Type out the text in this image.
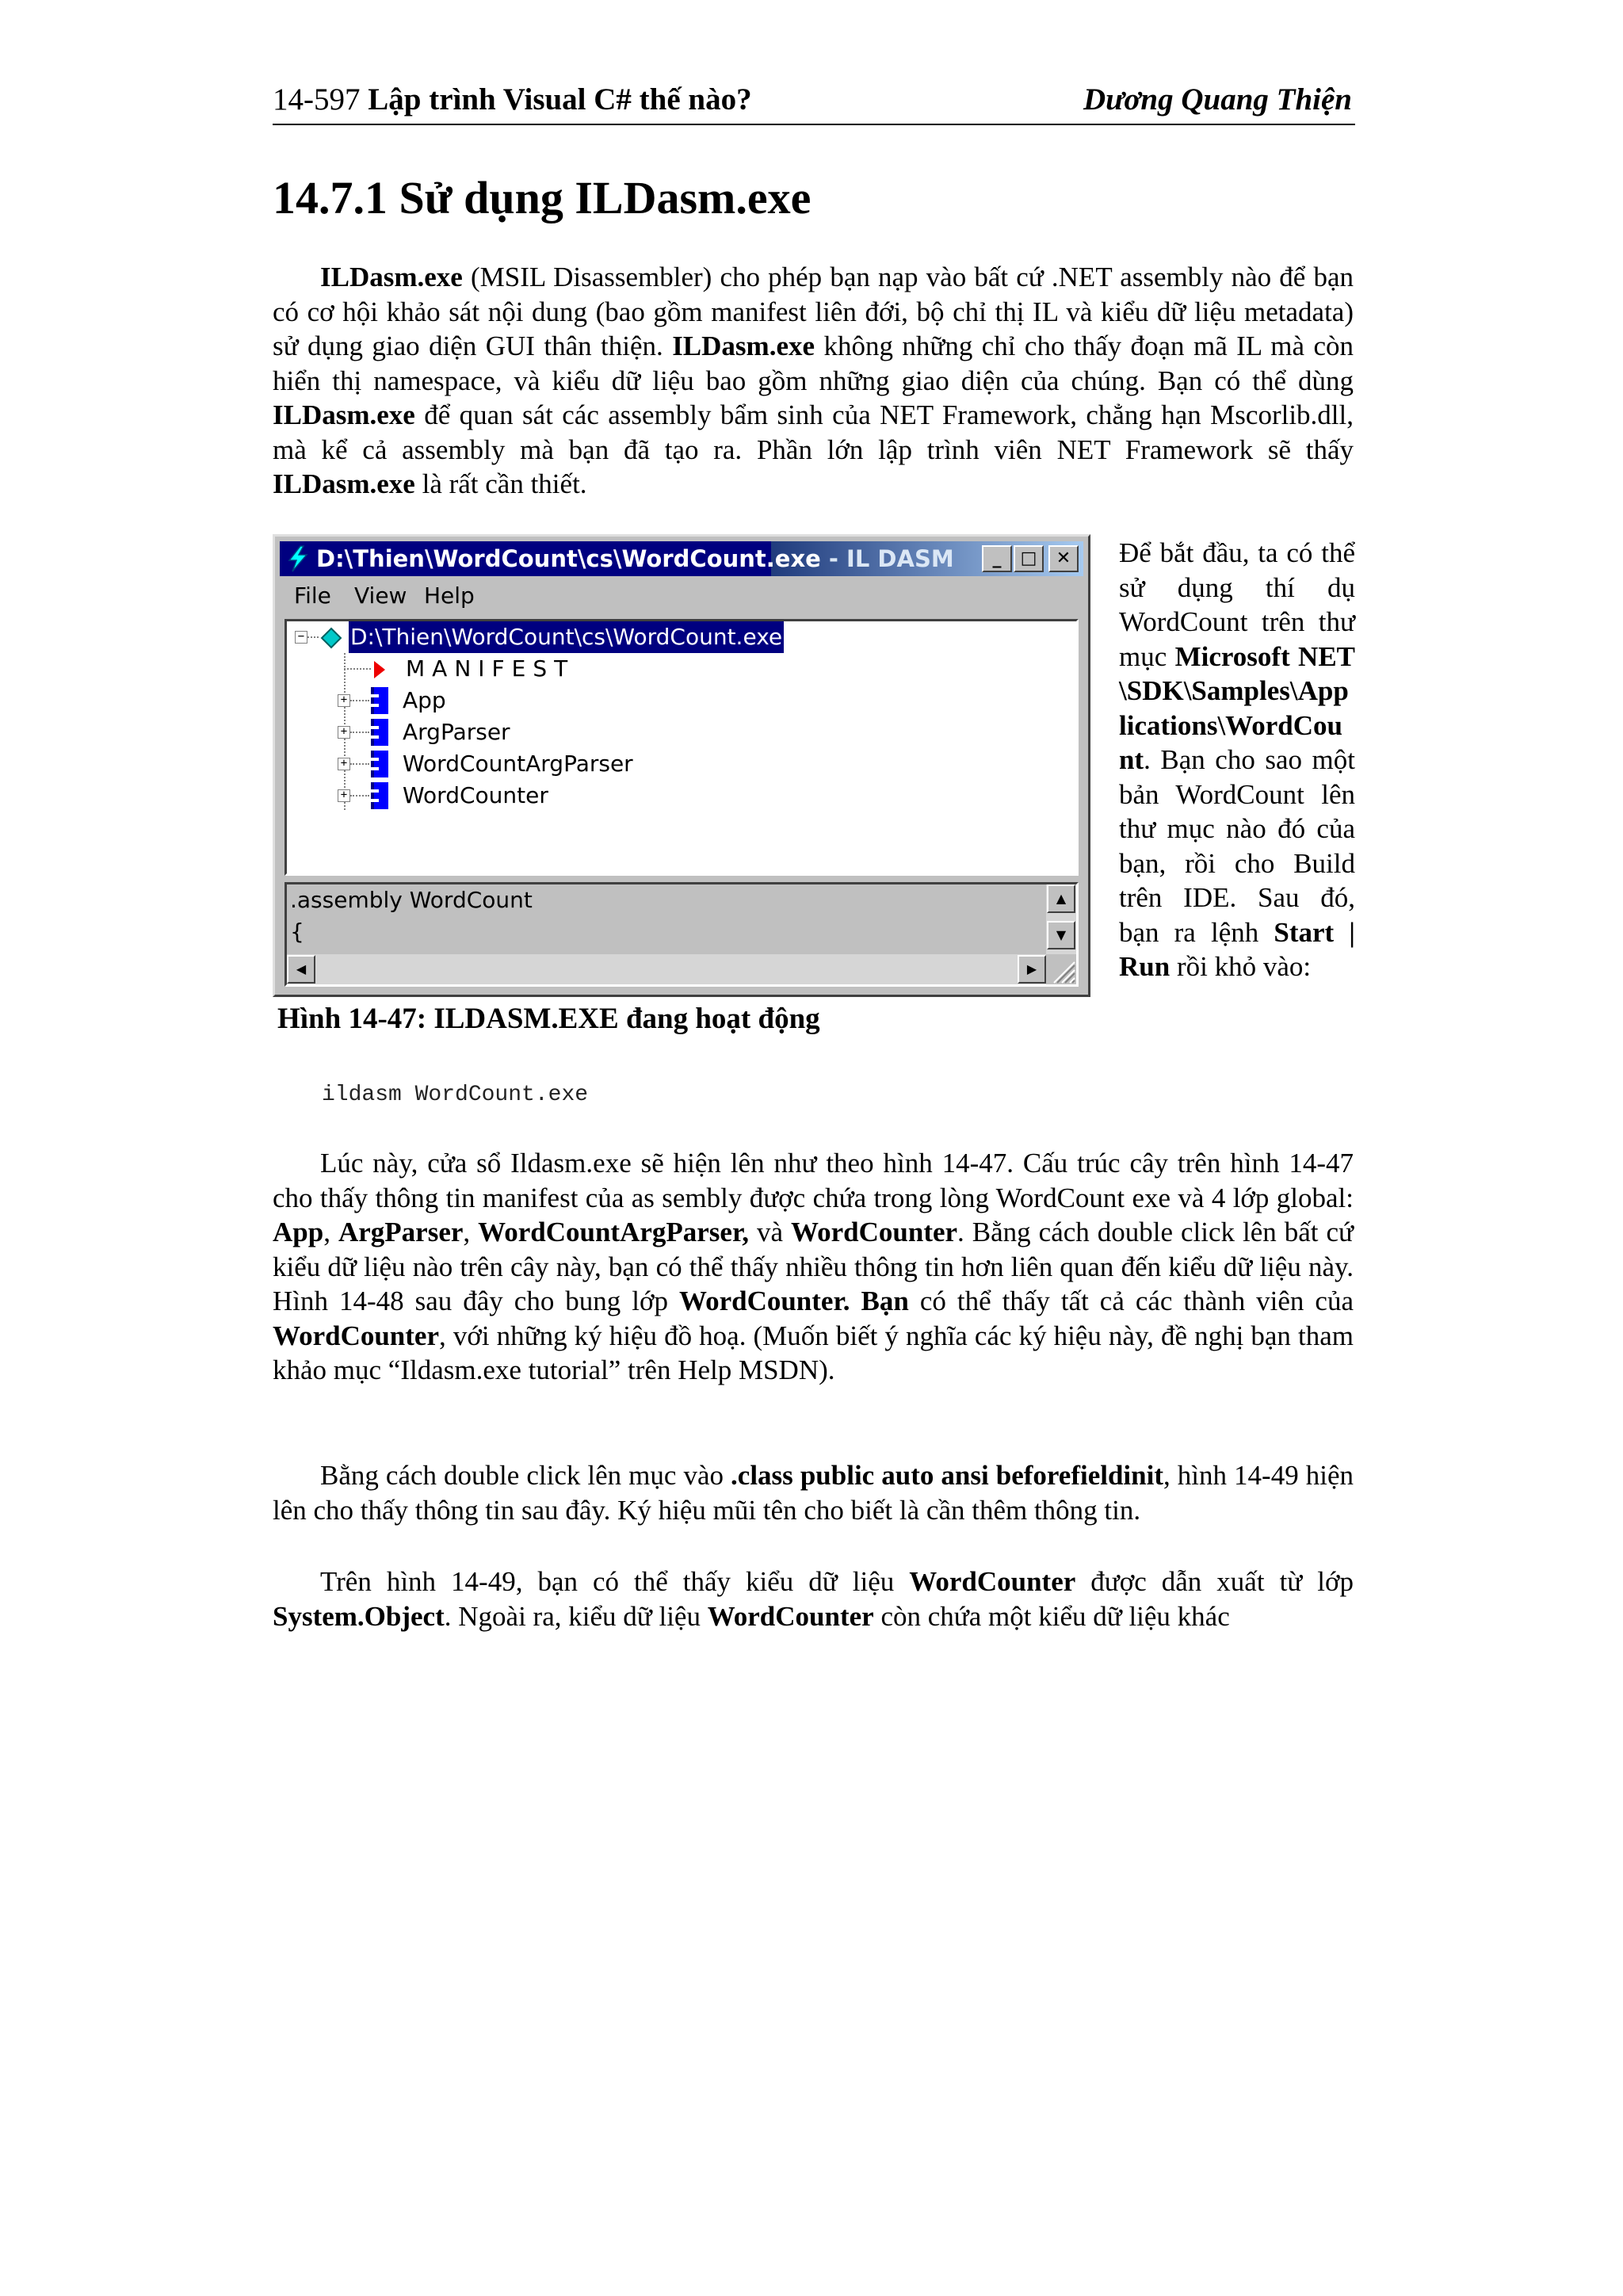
14-597 Lập trình Visual C# thế nào?	Dương Quang Thiện
14.7.1 Sử dụng ILDasm.exe

ILDasm.exe (MSIL Disassembler) cho phép bạn nạp vào bất cứ .NET assembly nào để bạn có cơ hội khảo sát nội dung (bao gồm manifest liên đới, bộ chỉ thị IL và kiểu dữ liệu metadata) sử dụng giao diện GUI thân thiện. ILDasm.exe không những chỉ cho thấy đoạn mã IL mà còn hiển thị namespace, và kiểu dữ liệu bao gồm những giao diện của chúng. Bạn có thể dùng ILDasm.exe để quan sát các assembly bẩm sinh của NET Framework, chẳng hạn Mscorlib.dll, mà kể cả assembly mà bạn đã tạo ra. Phần lớn lập trình viên NET Framework sẽ thấy ILDasm.exe là rất cần thiết.

D:\Thien\WordCount\cs\WordCount.exe - IL DASM	_	□	✕
File View Help
− D:\Thien\WordCount\cs\WordCount.exe
MANIFEST
+ App
+ ArgParser
+ WordCountArgParser
+ WordCounter
.assembly WordCount
{
▲
▼
◀	▶

Hình 14-47: ILDASM.EXE đang hoạt động

Để bắt đầu, ta có thể sử dụng thí dụ WordCount trên thư mục Microsoft NET\SDK\Samples\Applications\WordCount. Bạn cho sao một bản WordCount lên thư mục nào đó của bạn, rồi cho Build trên IDE. Sau đó, bạn ra lệnh Start | Run rồi khỏ vào:

ildasm WordCount.exe

Lúc này, cửa sổ Ildasm.exe sẽ hiện lên như theo hình 14-47. Cấu trúc cây trên hình 14-47 cho thấy thông tin manifest của as sembly được chứa trong lòng WordCount exe và 4 lớp global: App, ArgParser, WordCountArgParser, và WordCounter. Bằng cách double click lên bất cứ kiểu dữ liệu nào trên cây này, bạn có thể thấy nhiều thông tin hơn liên quan đến kiểu dữ liệu này. Hình 14-48 sau đây cho bung lớp WordCounter. Bạn có thể thấy tất cả các thành viên của WordCounter, với những ký hiệu đồ hoạ. (Muốn biết ý nghĩa các ký hiệu này, đề nghị bạn tham khảo mục “Ildasm.exe tutorial” trên Help MSDN).

Bằng cách double click lên mục vào .class public auto ansi beforefieldinit, hình 14-49 hiện lên cho thấy thông tin sau đây. Ký hiệu mũi tên cho biết là cần thêm thông tin.

Trên hình 14-49, bạn có thể thấy kiểu dữ liệu WordCounter được dẫn xuất từ lớp System.Object. Ngoài ra, kiểu dữ liệu WordCounter còn chứa một kiểu dữ liệu khác
